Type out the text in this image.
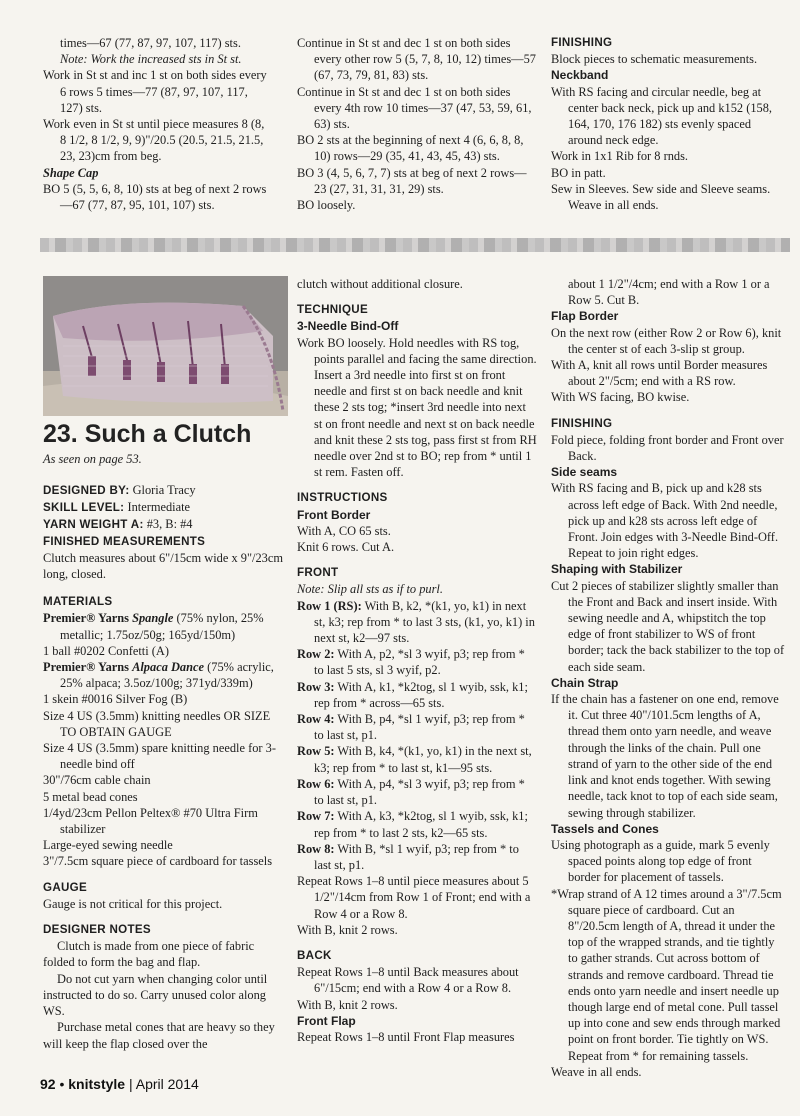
times—67 (77, 87, 97, 107, 117) sts.

Note: Work the increased sts in St st.

Work in St st and inc 1 st on both sides every 6 rows 5 times—77 (87, 97, 107, 117, 127) sts.

Work even in St st until piece measures 8 (8, 8 1/2, 8 1/2, 9, 9)"/20.5 (20.5, 21.5, 21.5, 23, 23)cm from beg.

Shape Cap

BO 5 (5, 5, 6, 8, 10) sts at beg of next 2 rows—67 (77, 87, 95, 101, 107) sts.

Continue in St st and dec 1 st on both sides every other row 5 (5, 7, 8, 10, 12) times—57 (67, 73, 79, 81, 83) sts.

Continue in St st and dec 1 st on both sides every 4th row 10 times—37 (47, 53, 59, 61, 63) sts.

BO 2 sts at the beginning of next 4 (6, 6, 8, 8, 10) rows—29 (35, 41, 43, 45, 43) sts.

BO 3 (4, 5, 6, 7, 7) sts at beg of next 2 rows—23 (27, 31, 31, 31, 29) sts.

BO loosely.

FINISHING

Block pieces to schematic measurements.

Neckband

With RS facing and circular needle, beg at center back neck, pick up and k152 (158, 164, 170, 176 182) sts evenly spaced around neck edge.

Work in 1x1 Rib for 8 rnds.

BO in patt.

Sew in Sleeves. Sew side and Sleeve seams. Weave in all ends.

23. Such a Clutch
As seen on page 53.

DESIGNED BY: Gloria Tracy

SKILL LEVEL: Intermediate

YARN WEIGHT A: #3, B: #4

FINISHED MEASUREMENTS

Clutch measures about 6"/15cm wide x 9"/23cm long, closed.

MATERIALS

Premier® Yarns Spangle (75% nylon, 25% metallic; 1.75oz/50g; 165yd/150m)

1 ball #0202 Confetti (A)

Premier® Yarns Alpaca Dance (75% acrylic, 25% alpaca; 3.5oz/100g; 371yd/339m)

1 skein #0016 Silver Fog (B)

Size 4 US (3.5mm) knitting needles OR SIZE TO OBTAIN GAUGE

Size 4 US (3.5mm) spare knitting needle for 3-needle bind off

30"/76cm cable chain

5 metal bead cones

1/4yd/23cm Pellon Peltex® #70 Ultra Firm stabilizer

Large-eyed sewing needle

3"/7.5cm square piece of cardboard for tassels

GAUGE

Gauge is not critical for this project.

DESIGNER NOTES

Clutch is made from one piece of fabric folded to form the bag and flap.

Do not cut yarn when changing color until instructed to do so. Carry unused color along WS.

Purchase metal cones that are heavy so they will keep the flap closed over the

clutch without additional closure.

TECHNIQUE

3-Needle Bind-Off

Work BO loosely. Hold needles with RS tog, points parallel and facing the same direction. Insert a 3rd needle into first st on front needle and first st on back needle and knit these 2 sts tog; *insert 3rd needle into next st on front needle and next st on back needle and knit these 2 sts tog, pass first st from RH needle over 2nd st to BO; rep from * until 1 st rem. Fasten off.

INSTRUCTIONS

Front Border

With A, CO 65 sts.

Knit 6 rows. Cut A.

FRONT

Note: Slip all sts as if to purl.

Row 1 (RS): With B, k2, *(k1, yo, k1) in next st, k3; rep from * to last 3 sts, (k1, yo, k1) in next st, k2—97 sts.

Row 2: With A, p2, *sl 3 wyif, p3; rep from * to last 5 sts, sl 3 wyif, p2.

Row 3: With A, k1, *k2tog, sl 1 wyib, ssk, k1; rep from * across—65 sts.

Row 4: With B, p4, *sl 1 wyif, p3; rep from * to last st, p1.

Row 5: With B, k4, *(k1, yo, k1) in the next st, k3; rep from * to last st, k1—95 sts.

Row 6: With A, p4, *sl 3 wyif, p3; rep from * to last st, p1.

Row 7: With A, k3, *k2tog, sl 1 wyib, ssk, k1; rep from * to last 2 sts, k2—65 sts.

Row 8: With B, *sl 1 wyif, p3; rep from * to last st, p1.

Repeat Rows 1–8 until piece measures about 5 1/2"/14cm from Row 1 of Front; end with a Row 4 or a Row 8.

With B, knit 2 rows.

BACK

Repeat Rows 1–8 until Back measures about 6"/15cm; end with a Row 4 or a Row 8.

With B, knit 2 rows.

Front Flap

Repeat Rows 1–8 until Front Flap measures

about 1 1/2"/4cm; end with a Row 1 or a Row 5. Cut B.

Flap Border

On the next row (either Row 2 or Row 6), knit the center st of each 3-slip st group.

With A, knit all rows until Border measures about 2"/5cm; end with a RS row.

With WS facing, BO kwise.

FINISHING

Fold piece, folding front border and Front over Back.

Side seams

With RS facing and B, pick up and k28 sts across left edge of Back. With 2nd needle, pick up and k28 sts across left edge of Front. Join edges with 3-Needle Bind-Off. Repeat to join right edges.

Shaping with Stabilizer

Cut 2 pieces of stabilizer slightly smaller than the Front and Back and insert inside. With sewing needle and A, whipstitch the top edge of front stabilizer to WS of front border; tack the back stabilizer to the top of each side seam.

Chain Strap

If the chain has a fastener on one end, remove it. Cut three 40"/101.5cm lengths of A, thread them onto yarn needle, and weave through the links of the chain. Pull one strand of yarn to the other side of the end link and knot ends together. With sewing needle, tack knot to top of each side seam, sewing through stabilizer.

Tassels and Cones

Using photograph as a guide, mark 5 evenly spaced points along top edge of front border for placement of tassels.

*Wrap strand of A 12 times around a 3"/7.5cm square piece of cardboard. Cut an 8"/20.5cm length of A, thread it under the top of the wrapped strands, and tie tightly to gather strands. Cut across bottom of strands and remove cardboard. Thread tie ends onto yarn needle and insert needle up though large end of metal cone. Pull tassel up into cone and sew ends through marked point on front border. Tie tightly on WS. Repeat from * for remaining tassels.

Weave in all ends.

92 • knitstyle | April 2014
